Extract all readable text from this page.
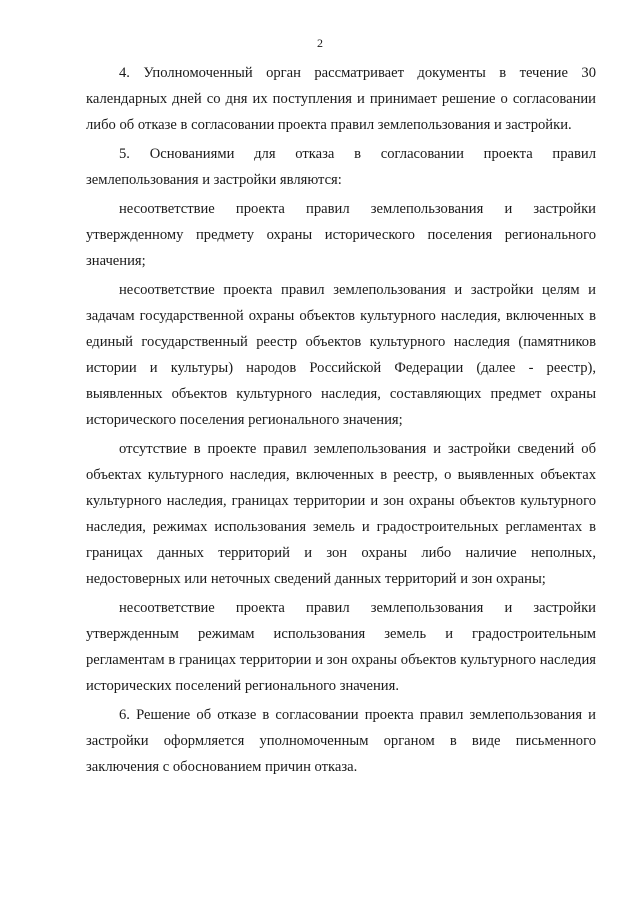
2

4. Уполномоченный орган рассматривает документы в течение 30 календарных дней со дня их поступления и принимает решение о согласовании либо об отказе в согласовании проекта правил землепользования и застройки.

5. Основаниями для отказа в согласовании проекта правил землепользования и застройки являются:

несоответствие проекта правил землепользования и застройки утвержденному предмету охраны исторического поселения регионального значения;

несоответствие проекта правил землепользования и застройки целям и задачам государственной охраны объектов культурного наследия, включенных в единый государственный реестр объектов культурного наследия (памятников истории и культуры) народов Российской Федерации (далее - реестр), выявленных объектов культурного наследия, составляющих предмет охраны исторического поселения регионального значения;

отсутствие в проекте правил землепользования и застройки сведений об объектах культурного наследия, включенных в реестр, о выявленных объектах культурного наследия, границах территории и зон охраны объектов культурного наследия, режимах использования земель и градостроительных регламентах в границах данных территорий и зон охраны либо наличие неполных, недостоверных или неточных сведений данных территорий и зон охраны;

несоответствие проекта правил землепользования и застройки утвержденным режимам использования земель и градостроительным регламентам в границах территории и зон охраны объектов культурного наследия исторических поселений регионального значения.

6. Решение об отказе в согласовании проекта правил землепользования и застройки оформляется уполномоченным органом в виде письменного заключения с обоснованием причин отказа.
